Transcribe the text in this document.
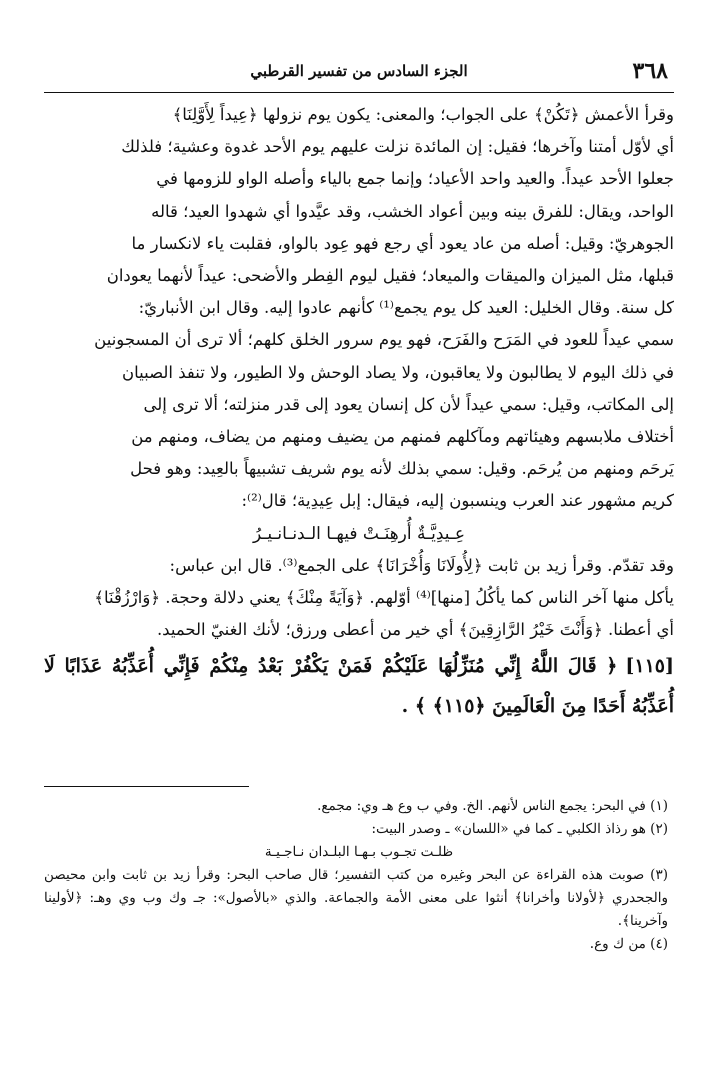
٣٦٨
الجزء السادس من تفسير القرطبي

وقرأ الأعمش ﴿تَكُنْ﴾ على الجواب؛ والمعنى: يكون يوم نزولها ﴿عِيداً لِأَوَّلِنَا﴾

أي لأوّل أمتنا وآخرها؛ فقيل: إن المائدة نزلت عليهم يوم الأحد غدوة وعشية؛ فلذلك

جعلوا الأحد عيداً. والعيد واحد الأعياد؛ وإنما جمع بالياء وأصله الواو للزومها في

الواحد، ويقال: للفرق بينه وبين أعواد الخشب، وقد عيَّدوا أي شهدوا العيد؛ قاله

الجوهريّ: وقيل: أصله من عاد يعود أي رجع فهو عِود بالواو، فقلبت ياء لانكسار ما

قبلها، مثل الميزان والميقات والميعاد؛ فقيل ليوم الفِطر والأضحى: عيداً لأنهما يعودان

كل سنة. وقال الخليل: العيد كل يوم يجمع⁽¹⁾ كأنهم عادوا إليه. وقال ابن الأنباريّ:

سمي عيداً للعود في المَرَح والفَرَح، فهو يوم سرور الخلق كلهم؛ ألا ترى أن المسجونين

في ذلك اليوم لا يطالبون ولا يعاقبون، ولا يصاد الوحش ولا الطيور، ولا تنفذ الصبيان

إلى المكاتب، وقيل: سمي عيداً لأن كل إنسان يعود إلى قدر منزلته؛ ألا ترى إلى

أختلاف ملابسهم وهيئاتهم ومآكلهم فمنهم من يضيف ومنهم من يضاف، ومنهم من

يَرحَم ومنهم من يُرحَم. وقيل: سمي بذلك لأنه يوم شريف تشبيهاً بالعِيد: وهو فحل

كريم مشهور عند العرب وينسبون إليه، فيقال: إبل عِيدِية؛ قال⁽²⁾:

عِـيدِيَّـةٌ أُرهِنَـتْ فيهـا الـدنـانـيـرُ

وقد تقدّم. وقرأ زيد بن ثابت ﴿لِأُولَانَا وَأُخْرَانَا﴾ على الجمع⁽³⁾. قال ابن عباس:

يأكل منها آخر الناس كما يأكُلُ [منها]⁽⁴⁾ أوّلهم. ﴿وَآيَةً مِنْكَ﴾ يعني دلالة وحجة. ﴿وَارْزُقْنَا﴾

أي أعطنا. ﴿وَأَنْتَ خَيْرُ الرَّازِقِينَ﴾ أي خير من أعطى ورزق؛ لأنك الغنيّ الحميد.

[١١٥]﴿ قَالَ اللَّهُ إِنِّي مُنَزِّلُهَا عَلَيْكُمْ فَمَنْ يَكْفُرْ بَعْدُ مِنْكُمْ فَإِنِّي أُعَذِّبُهُ عَذَابًا لَا أُعَذِّبُهُ أَحَدًا مِنَ الْعَالَمِينَ ﴿١١٥﴾ ﴾ .

(١) في البحر: يجمع الناس لأنهم. الخ. وفي ب وع هـ وي: مجمع.

(٢) هو رذاذ الكلبي ـ كما في «اللسان» ـ وصدر البيت:

ظلـت تجـوب بـهـا البلـدان نـاجـيـة

(٣) صوبت هذه القراءة عن البحر وغيره من كتب التفسير؛ قال صاحب البحر: وقرأ زيد بن ثابت وابن محيصن والجحدري ﴿لأولانا وأخرانا﴾ أنثوا على معنى الأمة والجماعة. والذي «بالأصول»: جـ وك وب وي وهـ: ﴿لأولينا وآخرينا﴾.

(٤) من ك وع.
